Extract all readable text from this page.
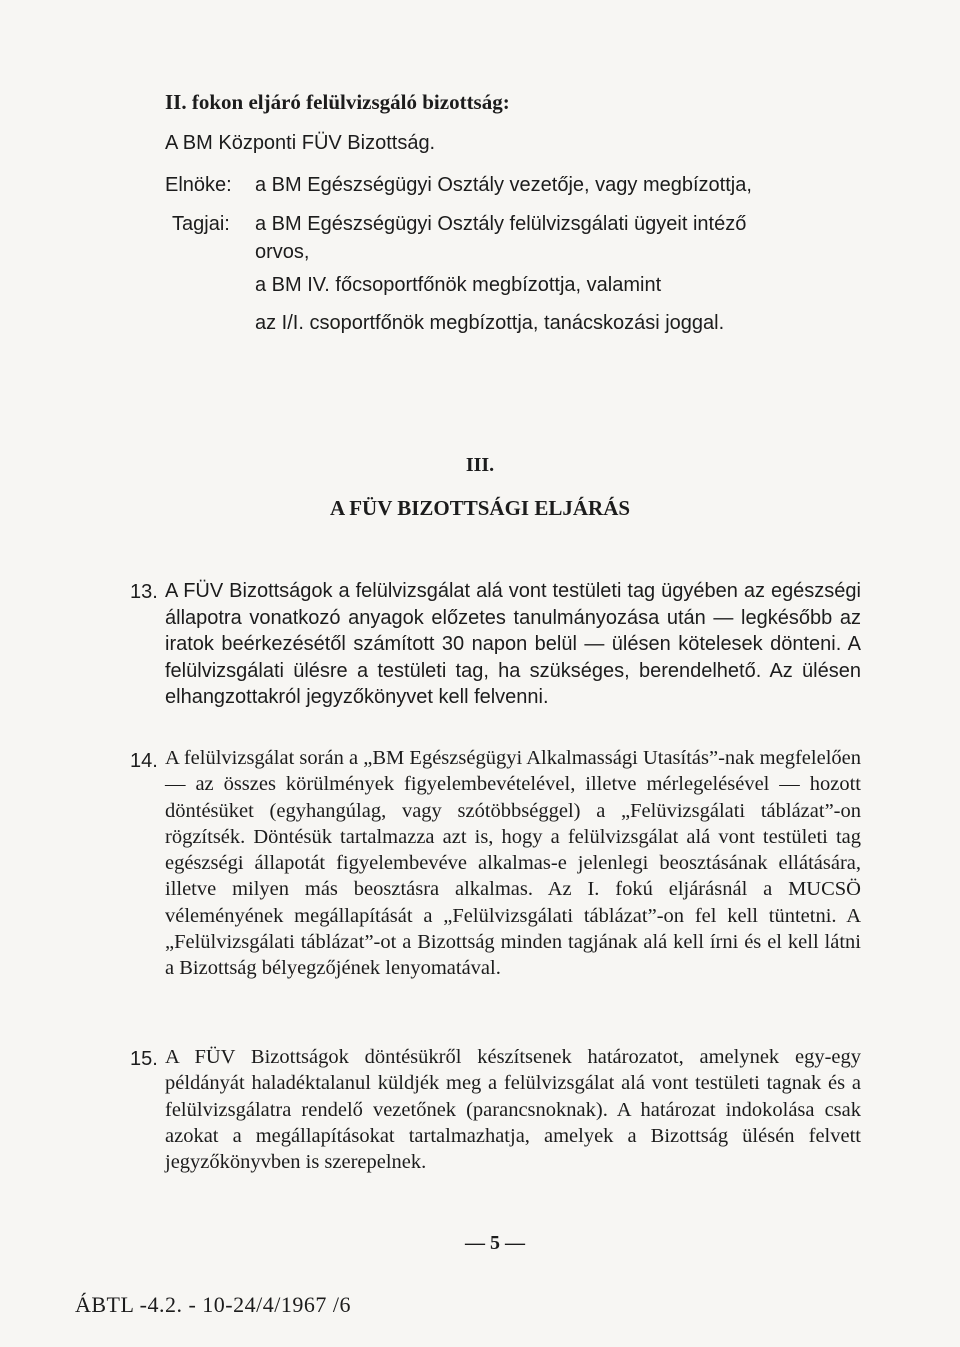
II. fokon eljáró felülvizsgáló bizottság:
A BM Központi FÜV Bizottság.
Elnöke: a BM Egészségügyi Osztály vezetője, vagy megbízottja,
Tagjai: a BM Egészségügyi Osztály felülvizsgálati ügyeit intéző
orvos,
a BM IV. főcsoportfőnök megbízottja, valamint
az I/I. csoportfőnök megbízottja, tanácskozási joggal.
III.
A FÜV BIZOTTSÁGI ELJÁRÁS
13. A FÜV Bizottságok a felülvizsgálat alá vont testületi tag ügyében az egészségi állapotra vonatkozó anyagok előzetes tanulmányozása után — legkésőbb az iratok beérkezésétől számított 30 napon belül — ülésen kötelesek dönteni. A felülvizsgálati ülésre a testületi tag, ha szükséges, berendelhető. Az ülésen elhangzottakról jegyzőkönyvet kell felvenni.
14. A felülvizsgálat során a „BM Egészségügyi Alkalmassági Utasítás”-nak megfelelően — az összes körülmények figyelembevételével, illetve mérlegelésével — hozott döntésüket (egyhangúlag, vagy szótöbbséggel) a „Felüvizsgálati táblázat”-on rögzítsék. Döntésük tartalmazza azt is, hogy a felülvizsgálat alá vont testületi tag egészségi állapotát figyelembevéve alkalmas-e jelenlegi beosztásának ellátására, illetve milyen más beosztásra alkalmas. Az I. fokú eljárásnál a MUCSÖ véleményének megállapítását a „Felülvizsgálati táblázat”-on fel kell tüntetni. A „Felülvizsgálati táblázat”-ot a Bizottság minden tagjának alá kell írni és el kell látni a Bizottság bélyegzőjének lenyomatával.
15. A FÜV Bizottságok döntésükről készítsenek határozatot, amelynek egy-egy példányát haladéktalanul küldjék meg a felülvizsgálat alá vont testületi tagnak és a felülvizsgálatra rendelő vezetőnek (parancsnoknak). A határozat indokolása csak azokat a megállapításokat tartalmazhatja, amelyek a Bizottság ülésén felvett jegyzőkönyvben is szerepelnek.
— 5 —
ÁBTL -4.2. - 10-24/4/1967 /6
